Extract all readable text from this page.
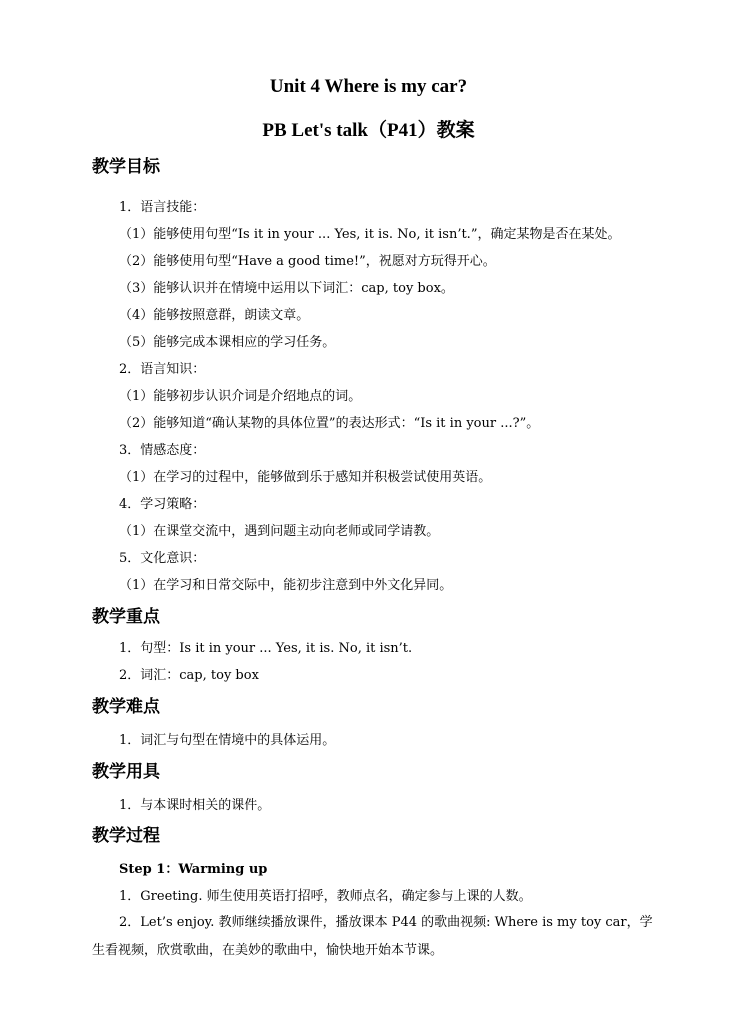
Unit 4 Where is my car?
PB Let's talk（P41）教案
教学目标
1．语言技能：
（1）能够使用句型“Is it in your ... Yes, it is. No, it isn’t.”，确定某物是否在某处。
（2）能够使用句型“Have a good time!”，祝愿对方玩得开心。
（3）能够认识并在情境中运用以下词汇：cap, toy box。
（4）能够按照意群，朗读文章。
（5）能够完成本课相应的学习任务。
2．语言知识：
（1）能够初步认识介词是介绍地点的词。
（2）能够知道“确认某物的具体位置”的表达形式：“Is it in your ...?”。
3．情感态度：
（1）在学习的过程中，能够做到乐于感知并积极尝试使用英语。
4．学习策略：
（1）在课堂交流中，遇到问题主动向老师或同学请教。
5．文化意识：
（1）在学习和日常交际中，能初步注意到中外文化异同。
教学重点
1．句型：Is it in your ... Yes, it is. No, it isn’t.
2．词汇：cap, toy box
教学难点
1．词汇与句型在情境中的具体运用。
教学用具
1．与本课时相关的课件。
教学过程
Step 1：Warming up
1．Greeting. 师生使用英语打招呼，教师点名，确定参与上课的人数。
2．Let’s enjoy. 教师继续播放课件，播放课本 P44 的歌曲视频: Where is my toy car，学生看视频，欣赏歌曲，在美妙的歌曲中，愉快地开始本节课。
